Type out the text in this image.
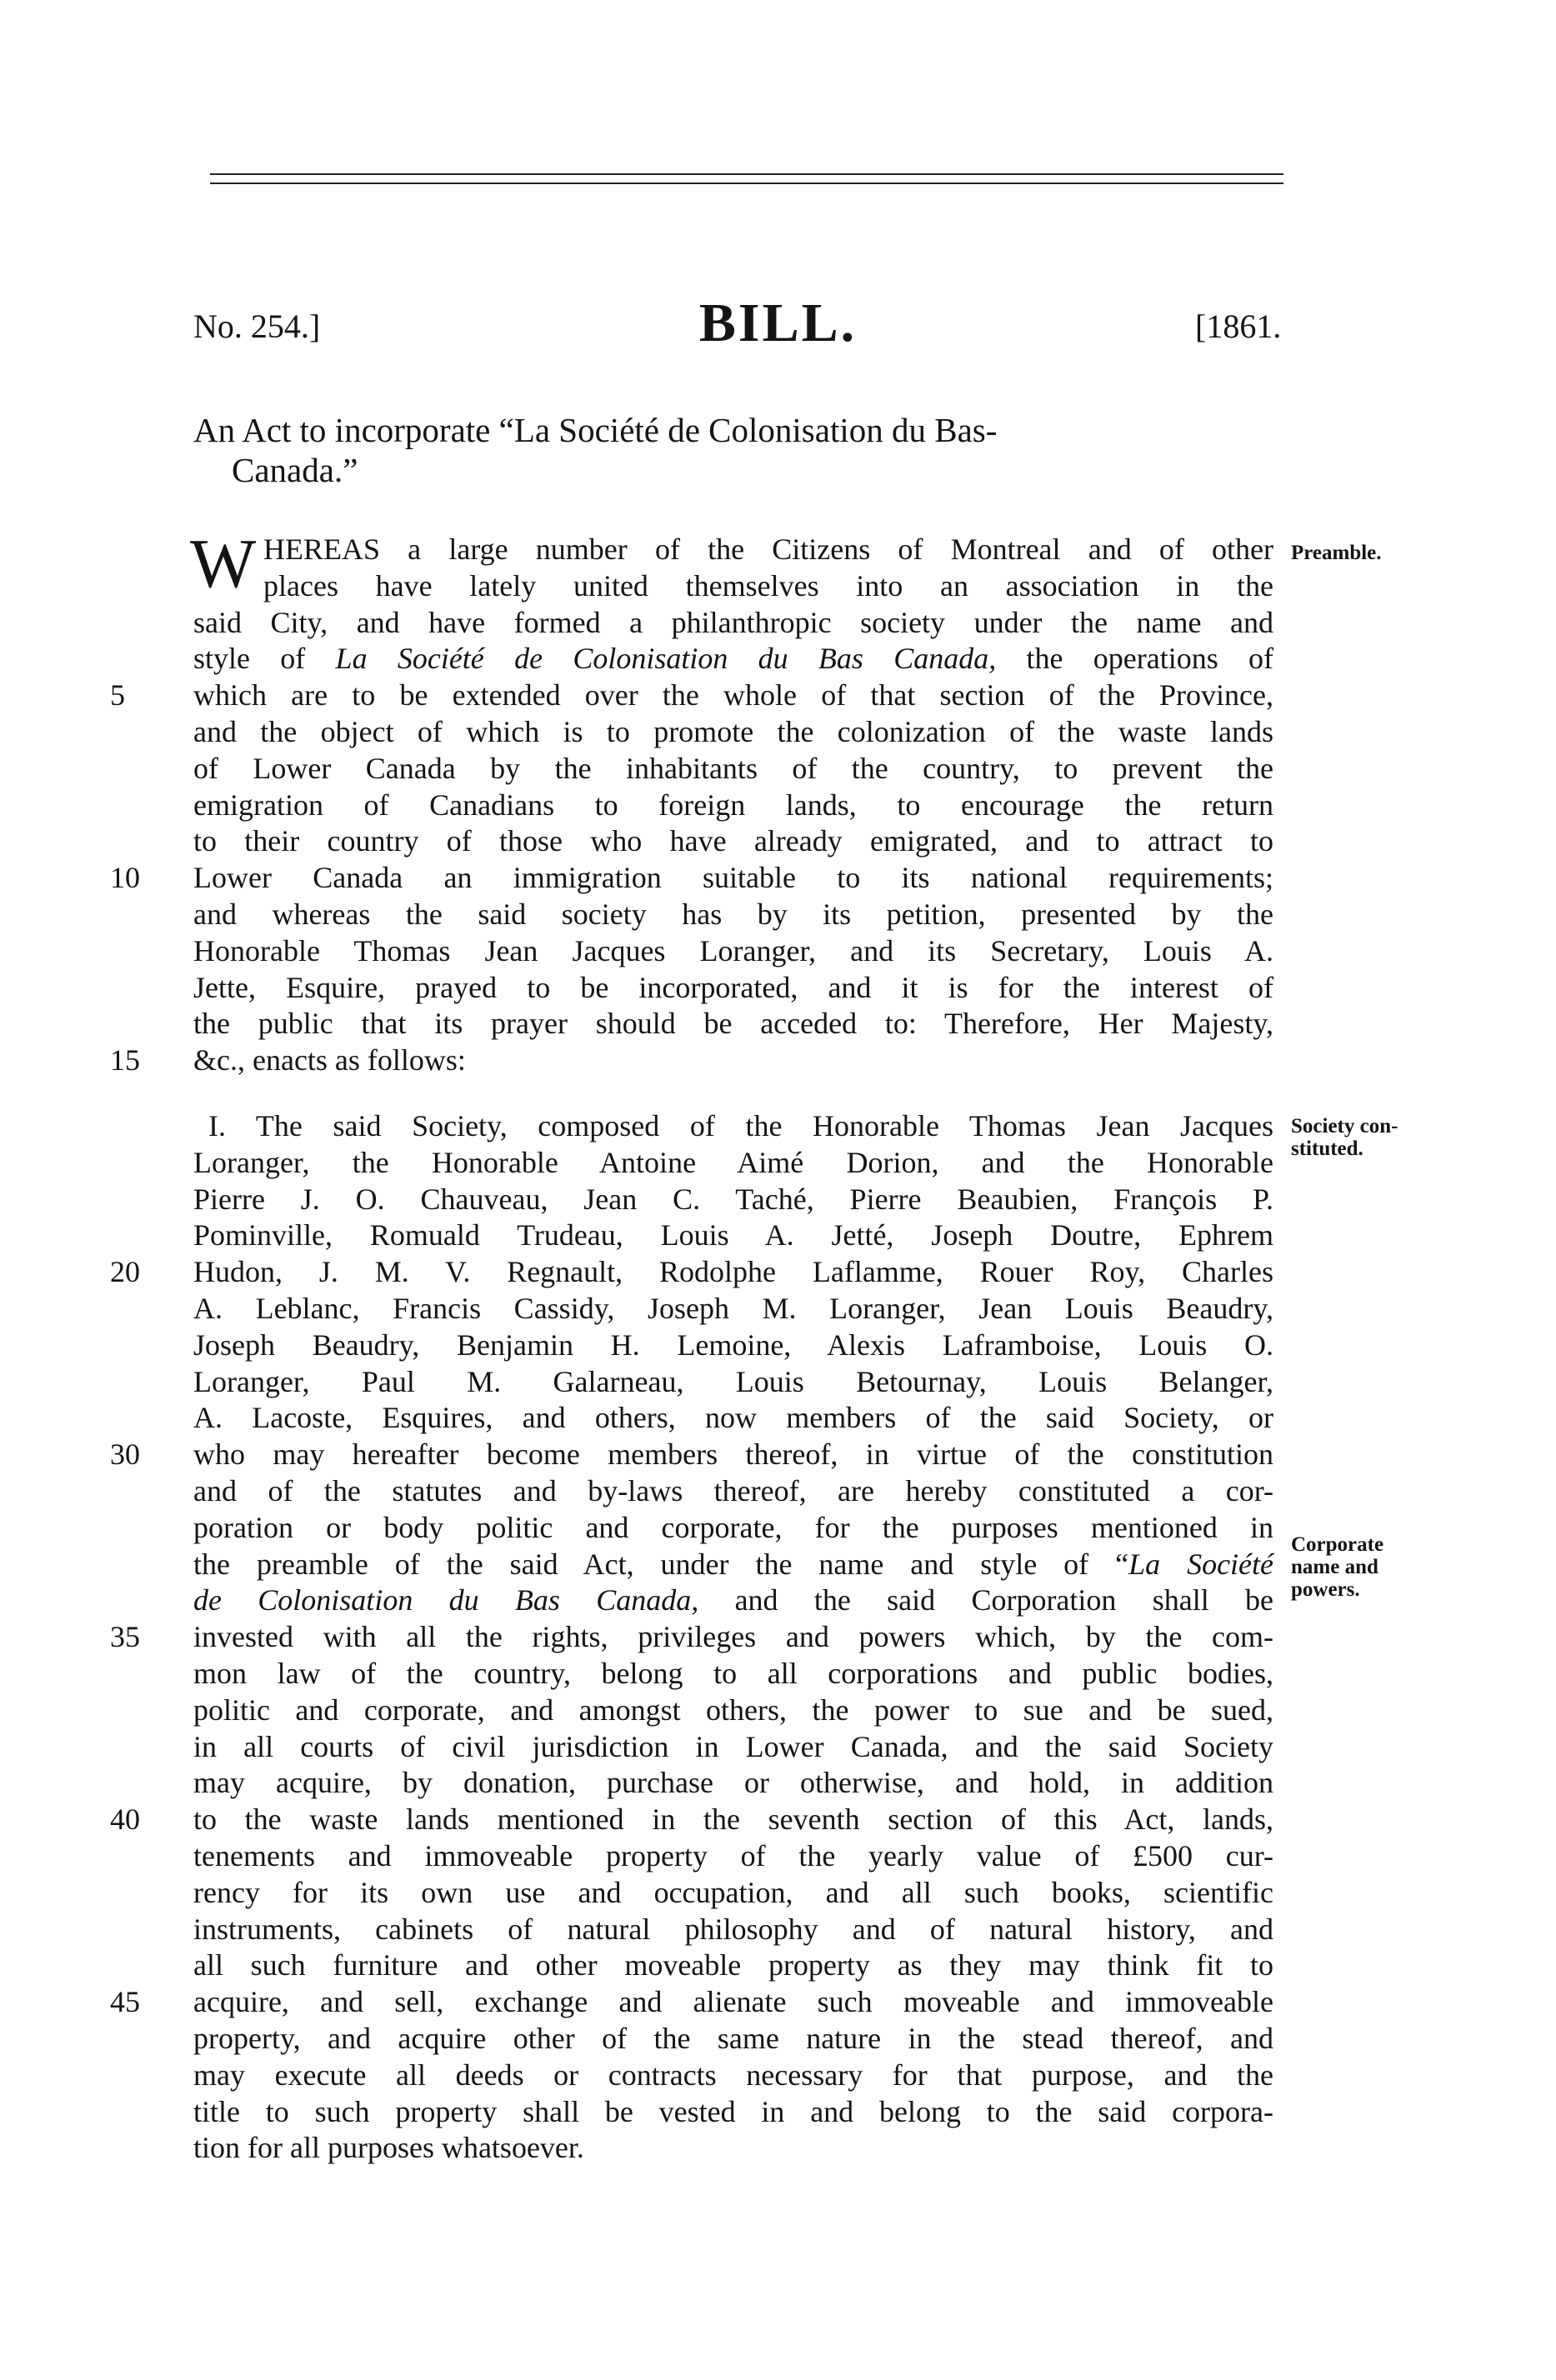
No. 254.]	BILL.	[1861.
An Act to incorporate “La Société de Colonisation du Bas-
Canada.”
W HEREAS a large number of the Citizens of Montreal and of other
places have lately united themselves into an association in the
said City, and have formed a philanthropic society under the name and
style of La Société de Colonisation du Bas Canada, the operations of
5	which are to be extended over the whole of that section of the Province,
and the object of which is to promote the colonization of the waste lands
of Lower Canada by the inhabitants of the country, to prevent the
emigration of Canadians to foreign lands, to encourage the return
to their country of those who have already emigrated, and to attract to
10	Lower Canada an immigration suitable to its national requirements;
and whereas the said society has by its petition, presented by the
Honorable Thomas Jean Jacques Loranger, and its Secretary, Louis A.
Jette, Esquire, prayed to be incorporated, and it is for the interest of
the public that its prayer should be acceded to: Therefore, Her Majesty,
15	&c., enacts as follows:
I. The said Society, composed of the Honorable Thomas Jean Jacques
Loranger, the Honorable Antoine Aimé Dorion, and the Honorable
Pierre J. O. Chauveau, Jean C. Taché, Pierre Beaubien, François P.
Pominville, Romuald Trudeau, Louis A. Jetté, Joseph Doutre, Ephrem
20	Hudon, J. M. V. Regnault, Rodolphe Laflamme, Rouer Roy, Charles
A. Leblanc, Francis Cassidy, Joseph M. Loranger, Jean Louis Beaudry,
Joseph Beaudry, Benjamin H. Lemoine, Alexis Laframboise, Louis O.
Loranger, Paul M. Galarneau, Louis Betournay, Louis Belanger,
A. Lacoste, Esquires, and others, now members of the said Society, or
30	who may hereafter become members thereof, in virtue of the constitution
and of the statutes and by-laws thereof, are hereby constituted a cor-
poration or body politic and corporate, for the purposes mentioned in
the preamble of the said Act, under the name and style of “La Société
de Colonisation du Bas Canada, and the said Corporation shall be
35	invested with all the rights, privileges and powers which, by the com-
mon law of the country, belong to all corporations and public bodies,
politic and corporate, and amongst others, the power to sue and be sued,
in all courts of civil jurisdiction in Lower Canada, and the said Society
may acquire, by donation, purchase or otherwise, and hold, in addition
40	to the waste lands mentioned in the seventh section of this Act, lands,
tenements and immoveable property of the yearly value of £500 cur-
rency for its own use and occupation, and all such books, scientific
instruments, cabinets of natural philosophy and of natural history, and
all such furniture and other moveable property as they may think fit to
45	acquire, and sell, exchange and alienate such moveable and immoveable
property, and acquire other of the same nature in the stead thereof, and
may execute all deeds or contracts necessary for that purpose, and the
title to such property shall be vested in and belong to the said corpora-
tion for all purposes whatsoever.
Preamble.
Society con-
stituted.
Corporate
name and
powers.
